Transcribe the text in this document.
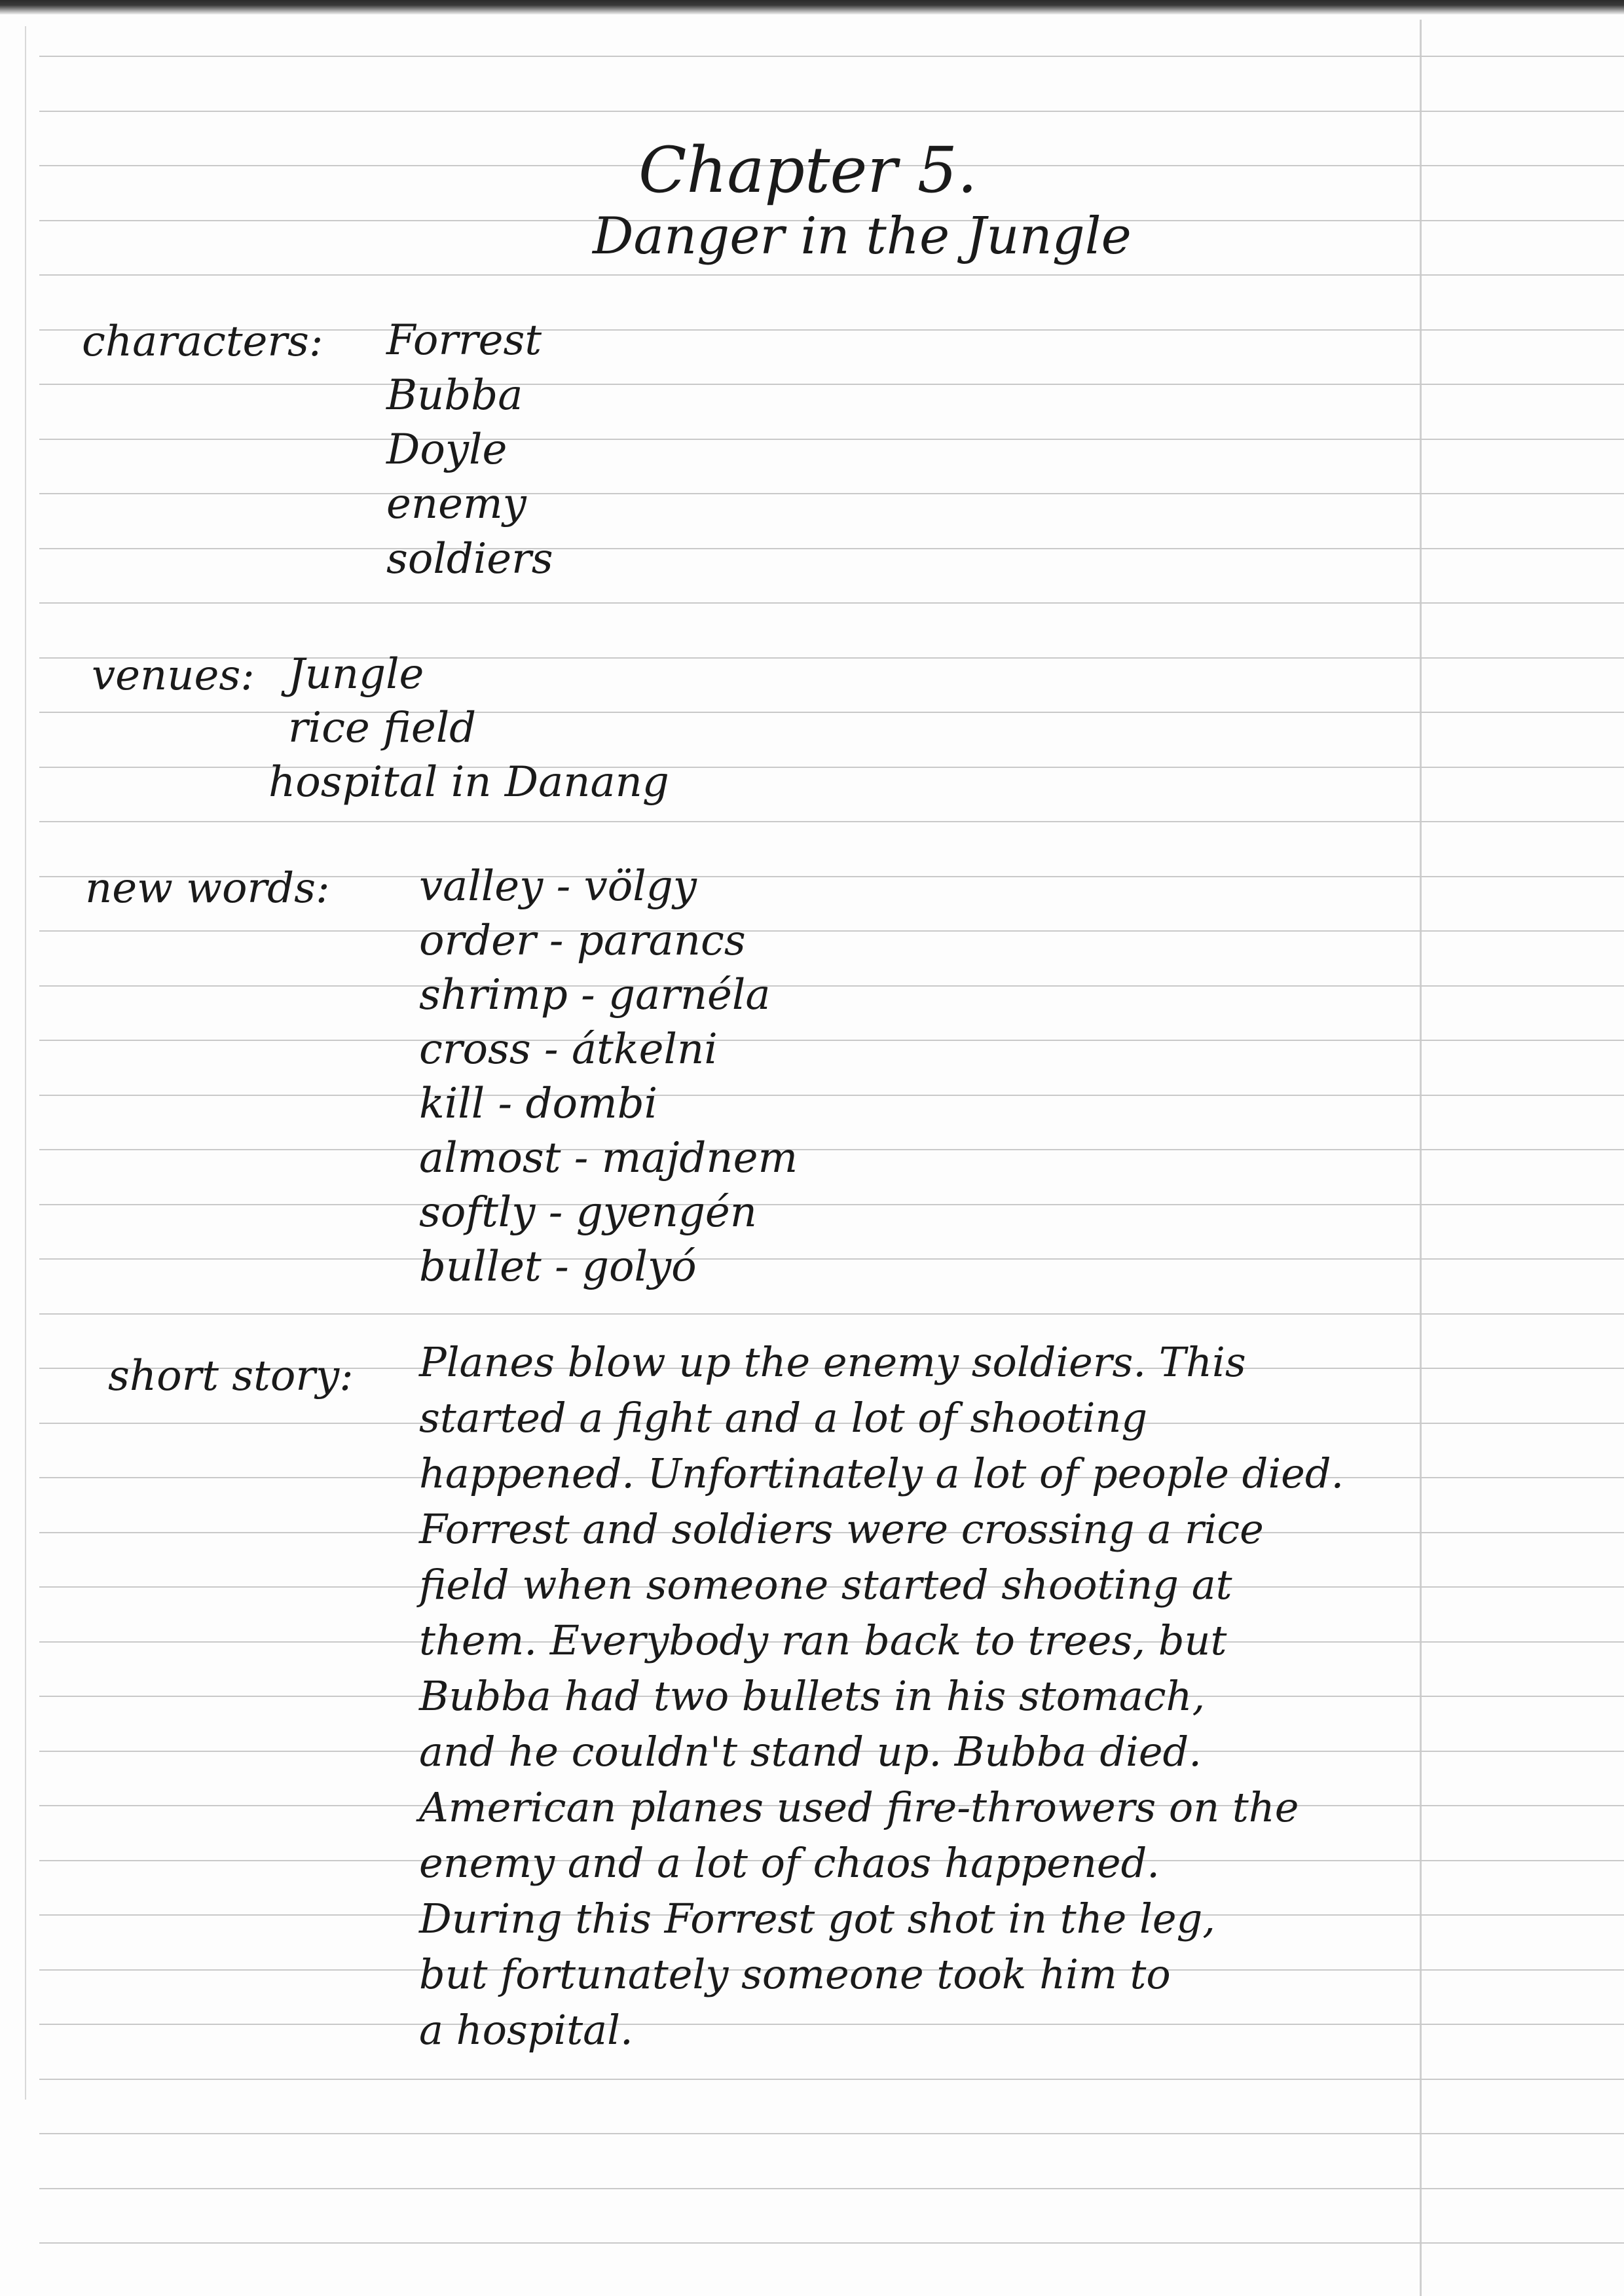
Chapter 5.
Danger in the Jungle
characters: Forrest
Bubba
Doyle
enemy
soldiers
venues: Jungle
rice field
hospital in Danang
new words: valley - völgy
order - parancs
shrimp - garnéla
cross - átkelni
kill - dombi
almost - majdnem
softly - gyengén
bullet - golyó
short story: Planes blow up the enemy soldiers. This
started a fight and a lot of shooting
happened. Unfortinately a lot of people died.
Forrest and soldiers were crossing a rice
field when someone started shooting at
them. Everybody ran back to trees, but
Bubba had two bullets in his stomach,
and he couldn't stand up. Bubba died.
American planes used fire-throwers on the
enemy and a lot of chaos happened.
During this Forrest got shot in the leg,
but fortunately someone took him to
a hospital.
